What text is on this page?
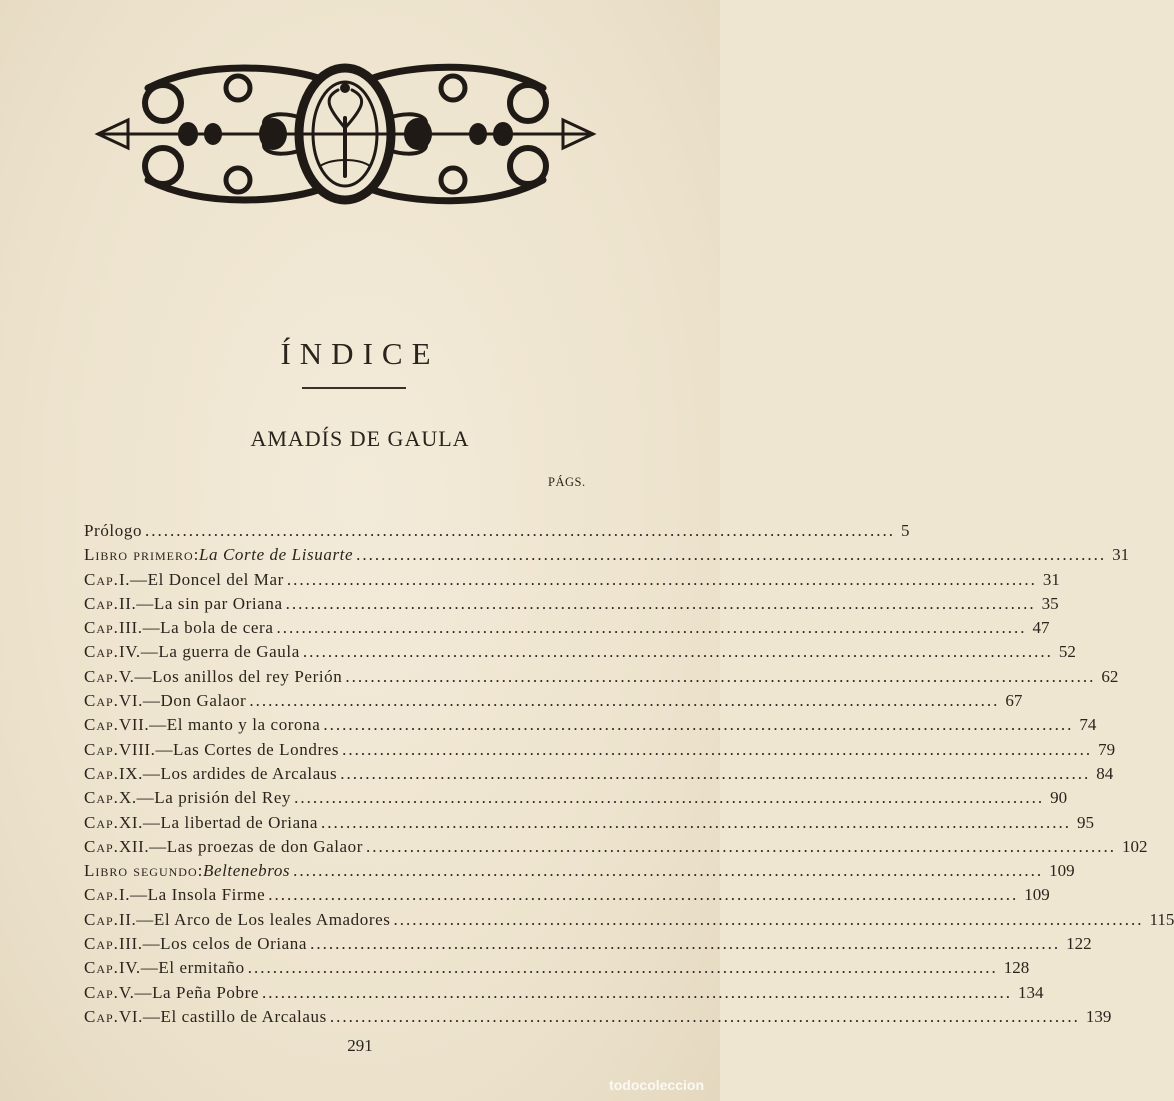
ÍNDICE
AMADÍS DE GAULA
PÁGS.
Prólogo ........................................................................................................................ 5
Libro primero : La Corte de Lisuarte ........................................................................................................................ 31
Cap. I.—El Doncel del Mar ........................................................................................................................ 31
Cap. II.—La sin par Oriana ........................................................................................................................ 35
Cap. III.—La bola de cera ........................................................................................................................ 47
Cap. IV.—La guerra de Gaula ........................................................................................................................ 52
Cap. V.—Los anillos del rey Perión ........................................................................................................................ 62
Cap. VI.—Don Galaor ........................................................................................................................ 67
Cap. VII.—El manto y la corona ........................................................................................................................ 74
Cap. VIII.—Las Cortes de Londres ........................................................................................................................ 79
Cap. IX.—Los ardides de Arcalaus ........................................................................................................................ 84
Cap. X.—La prisión del Rey ........................................................................................................................ 90
Cap. XI.—La libertad de Oriana ........................................................................................................................ 95
Cap. XII.—Las proezas de don Galaor ........................................................................................................................ 102
Libro segundo : Beltenebros ........................................................................................................................ 109
Cap. I.—La Insola Firme ........................................................................................................................ 109
Cap. II.—El Arco de Los leales Amadores ........................................................................................................................ 115
Cap. III.—Los celos de Oriana ........................................................................................................................ 122
Cap. IV.—El ermitaño ........................................................................................................................ 128
Cap. V.—La Peña Pobre ........................................................................................................................ 134
Cap. VI.—El castillo de Arcalaus ........................................................................................................................ 139
291
todocoleccion
